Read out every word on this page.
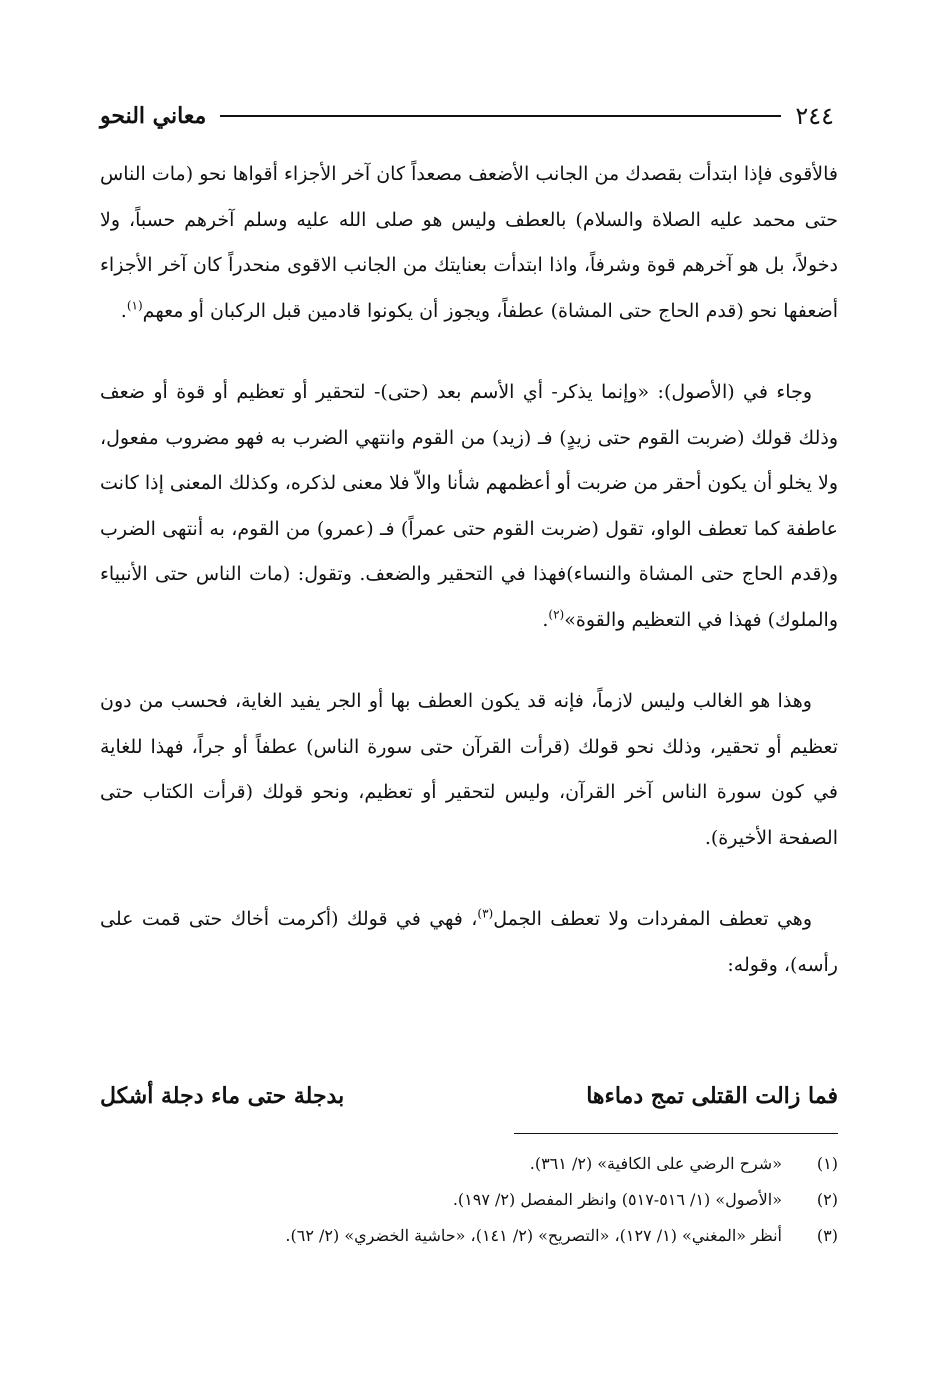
٢٤٤
معاني النحو

فالأقوى فإذا ابتدأت بقصدك من الجانب الأضعف مصعداً كان آخر الأجزاء أقواها نحو (مات الناس حتى محمد عليه الصلاة والسلام) بالعطف وليس هو صلى الله عليه وسلم آخرهم حسباً، ولا دخولاً، بل هو آخرهم قوة وشرفاً، واذا ابتدأت بعنايتك من الجانب الاقوى منحدراً كان آخر الأجزاء أضعفها نحو (قدم الحاج حتى المشاة) عطفاً، ويجوز أن يكونوا قادمين قبل الركبان أو معهم$^{(١)}$.

وجاء في (الأصول): «وإنما يذكر- أي الأسم بعد (حتى)- لتحقير أو تعظيم أو قوة أو ضعف وذلك قولك (ضربت القوم حتى زيدٍ) فـ (زيد) من القوم وانتهي الضرب به فهو مضروب مفعول، ولا يخلو أن يكون أحقر من ضربت أو أعظمهم شأنا والاّ فلا معنى لذكره، وكذلك المعنى إذا كانت عاطفة كما تعطف الواو، تقول (ضربت القوم حتى عمراً) فـ (عمرو) من القوم، به أنتهى الضرب و(قدم الحاج حتى المشاة والنساء)فهذا في التحقير والضعف. وتقول: (مات الناس حتى الأنبياء والملوك) فهذا في التعظيم والقوة»$^{(٢)}$.

وهذا هو الغالب وليس لازماً، فإنه قد يكون العطف بها أو الجر يفيد الغاية، فحسب من دون تعظيم أو تحقير، وذلك نحو قولك (قرأت القرآن حتى سورة الناس) عطفاً أو جراً، فهذا للغاية في كون سورة الناس آخر القرآن، وليس لتحقير أو تعظيم، ونحو قولك (قرأت الكتاب حتى الصفحة الأخيرة).

وهي تعطف المفردات ولا تعطف الجمل$^{(٣)}$، فهي في قولك (أكرمت أخاك حتى قمت على رأسه)، وقوله:

فما زالت القتلى تمج دماءها
بدجلة حتى ماء دجلة أشكل
(١)
«شرح الرضي على الكافية» (٢/ ٣٦١).
(٢)
«الأصول» (١/ ٥١٦-٥١٧) وانظر المفصل (٢/ ١٩٧).
(٣)
أنظر «المغني» (١/ ١٢٧)، «التصريح» (٢/ ١٤١)، «حاشية الخضري» (٢/ ٦٢).
